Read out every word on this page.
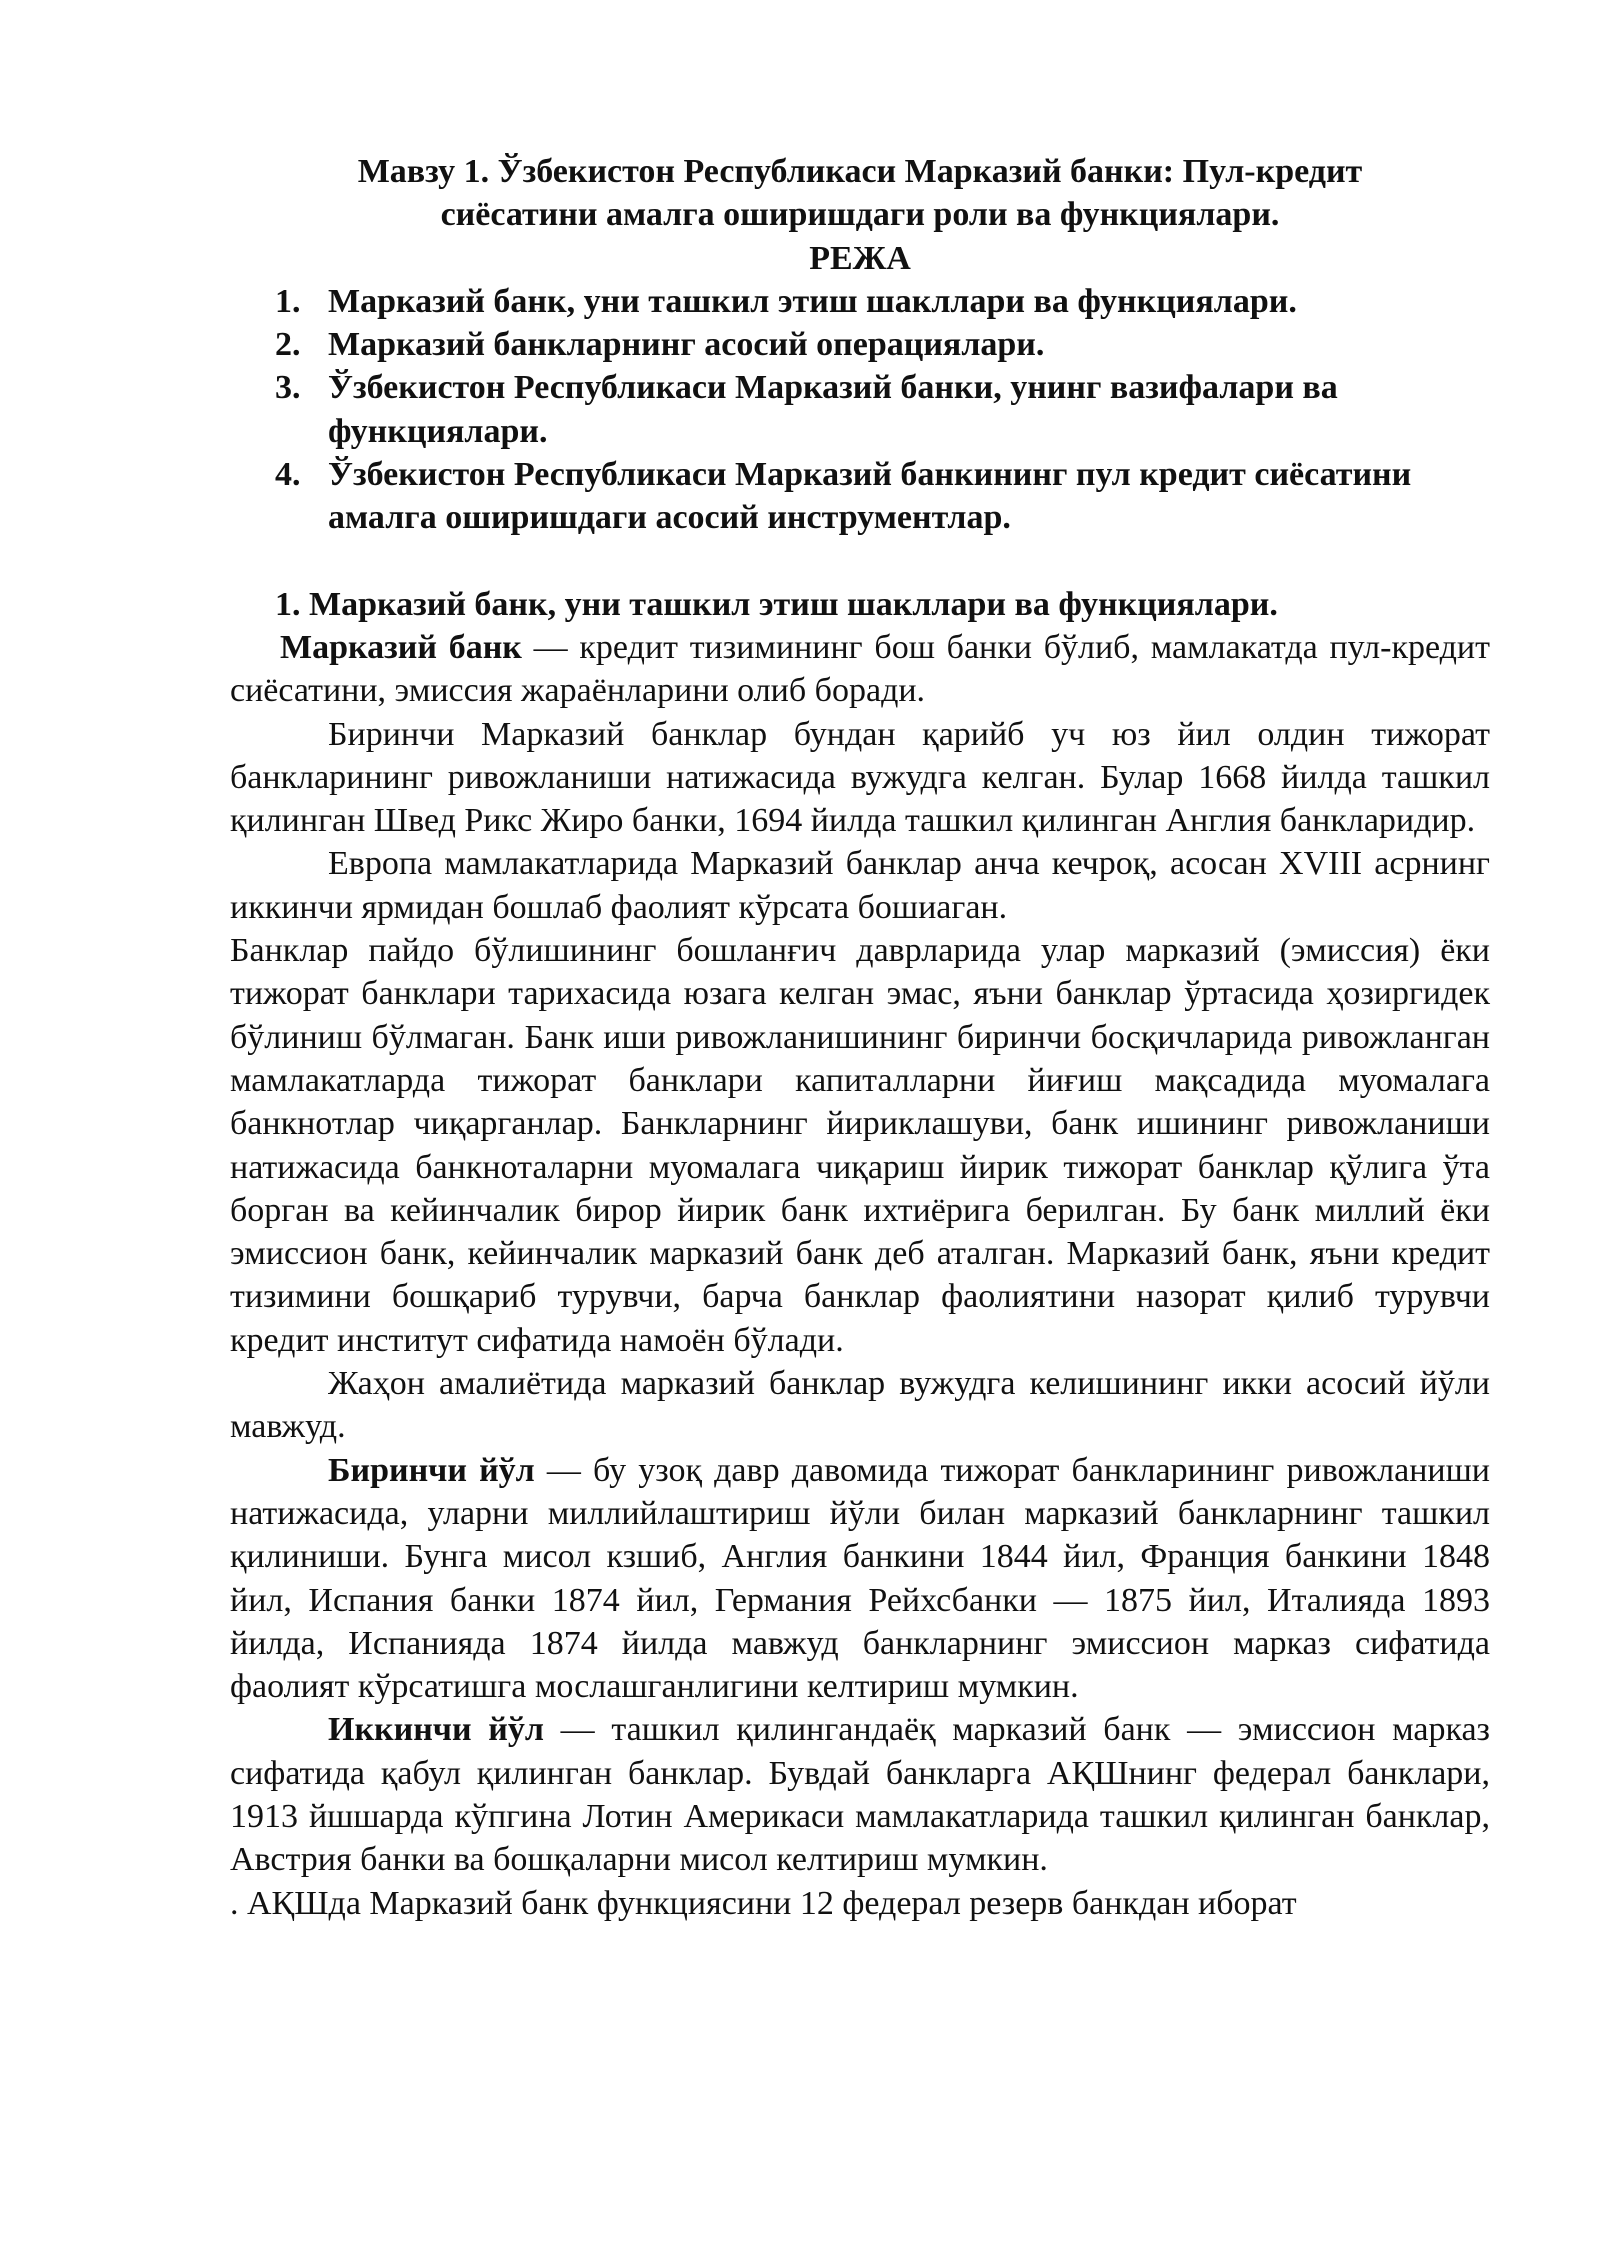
Мавзу 1. Ўзбекистон Республикаси Марказий банки: Пул-кредит
сиёсатини амалга оширишдаги роли ва функциялари.
РЕЖА
1. Марказий банк, уни ташкил этиш шакллари ва функциялари.
2. Марказий банкларнинг асосий операциялари.
3. Ўзбекистон Республикаси Марказий банки, унинг вазифалари ва функциялари.
4. Ўзбекистон Республикаси Марказий банкининг пул кредит сиёсатини амалга оширишдаги асосий инструментлар.
1. Марказий банк, уни ташкил этиш шакллари ва функциялари.

Марказий банк — кредит тизимининг бош банки бўлиб, мамлакатда пул-кредит сиёсатини, эмиссия жараёнларини олиб боради.

Биринчи Марказий банклар бундан қарийб уч юз йил олдин тижорат банкларининг ривожланиши натижасида вужудга келган. Булар 1668 йилда ташкил қилинган Швед Рикс Жиро банки, 1694 йилда ташкил қилинган Англия банкларидир.

Европа мамлакатларида Марказий банклар анча кечроқ, асосан XVIII асрнинг иккинчи ярмидан бошлаб фаолият кўрсата бошиаган.

Банклар пайдо бўлишининг бошланғич даврларида улар марказий (эмиссия) ёки тижорат банклари тарихасида юзага келган эмас, яъни банклар ўртасида ҳозиргидек бўлиниш бўлмаган. Банк иши ривожланишининг биринчи босқичларида ривожланган мамлакатларда тижорат банклари капиталларни йиғиш мақсадида муомалага банкнотлар чиқарганлар. Банкларнинг йириклашуви, банк ишининг ривожланиши натижасида банкноталарни муомалага чиқариш йирик тижорат банклар қўлига ўта борган ва кейинчалик бирор йирик банк ихтиёрига берилган. Бу банк миллий ёки эмиссион банк, кейинчалик марказий банк деб аталган. Марказий банк, яъни кредит тизимини бошқариб турувчи, барча банклар фаолиятини назорат қилиб турувчи кредит институт сифатида намоён бўлади.

Жаҳон амалиётида марказий банклар вужудга келишининг икки асосий йўли мавжуд.

Биринчи йўл — бу узоқ давр давомида тижорат банкларининг ривожланиши натижасида, уларни миллийлаштириш йўли билан марказий банкларнинг ташкил қилиниши. Бунга мисол кзшиб, Англия банкини 1844 йил, Франция банкини 1848 йил, Испания банки 1874 йил, Германия Рейхсбанки — 1875 йил, Италияда 1893 йилда, Испанияда 1874 йилда мавжуд банкларнинг эмиссион марказ сифатида фаолият кўрсатишга мослашганлигини келтириш мумкин.

Иккинчи йўл — ташкил қилингандаёқ марказий банк — эмиссион марказ сифатида қабул қилинган банклар. Бувдай банкларга АҚШнинг федерал банклари, 1913 йшшарда кўпгина Лотин Америкаси мамлакатларида ташкил қилинган банклар, Австрия банки ва бошқаларни мисол келтириш мумкин.

. АҚШда Марказий банк функциясини 12 федерал резерв банкдан иборат
